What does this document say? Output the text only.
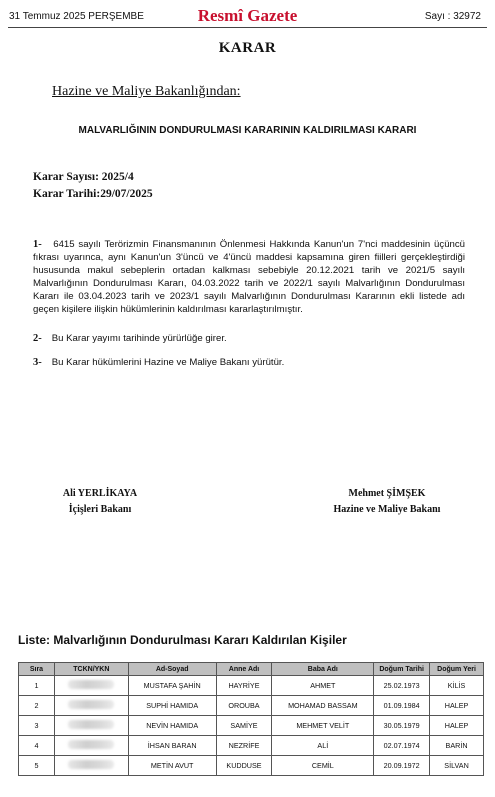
31 Temmuz 2025 PERŞEMBE	Resmî Gazete	Sayı : 32972
KARAR
Hazine ve Maliye Bakanlığından:
MALVARLIĞININ DONDURULMASI KARARININ KALDIRILMASI KARARI
Karar Sayısı: 2025/4
Karar Tarihi:29/07/2025
1- 6415 sayılı Terörizmin Finansmanının Önlenmesi Hakkında Kanun'un 7'nci maddesinin üçüncü fıkrası uyarınca, aynı Kanun'un 3'üncü ve 4'üncü maddesi kapsamına giren fiilleri gerçekleştirdiği hususunda makul sebeplerin ortadan kalkması sebebiyle 20.12.2021 tarih ve 2021/5 sayılı Malvarlığının Dondurulması Kararı, 04.03.2022 tarih ve 2022/1 sayılı Malvarlığının Dondurulması Kararı ile 03.04.2023 tarih ve 2023/1 sayılı Malvarlığının Dondurulması Kararının ekli listede adı geçen kişilere ilişkin hükümlerinin kaldırılması kararlaştırılmıştır.
2- Bu Karar yayımı tarihinde yürürlüğe girer.
3- Bu Karar hükümlerini Hazine ve Maliye Bakanı yürütür.
Ali YERLİKAYA
İçişleri Bakanı
Mehmet ŞİMŞEK
Hazine ve Maliye Bakanı
Liste: Malvarlığının Dondurulması Kararı Kaldırılan Kişiler
Sıra	TCKN/YKN	Ad-Soyad	Anne Adı	Baba Adı	Doğum Tarihi	Doğum Yeri
1		MUSTAFA ŞAHİN	HAYRİYE	AHMET	25.02.1973	KİLİS
2		SUPHİ HAMIDA	OROUBA	MOHAMAD BASSAM	01.09.1984	HALEP
3		NEVİN HAMIDA	SAMİYE	MEHMET VELİT	30.05.1979	HALEP
4		İHSAN BARAN	NEZRİFE	ALİ	02.07.1974	BARİN
5		METİN AVUT	KUDDUSE	CEMİL	20.09.1972	SİLVAN
